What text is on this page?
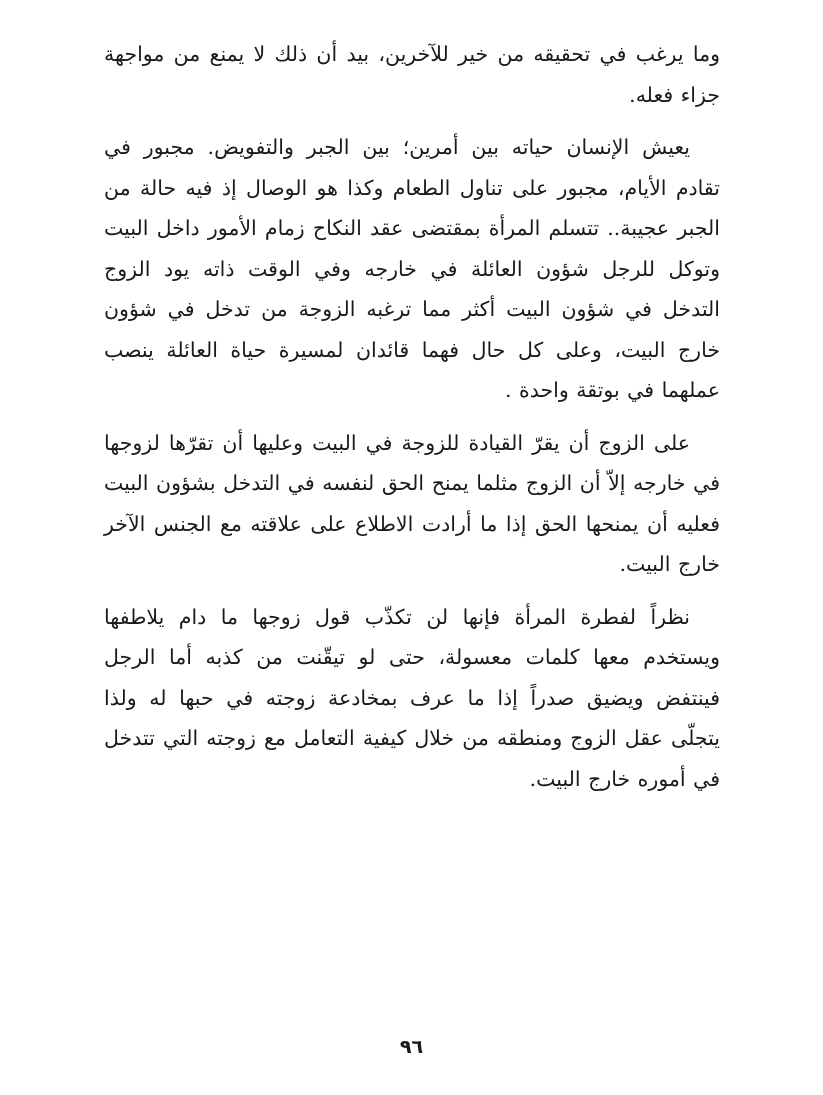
وما يرغب في تحقيقه من خير للآخرين، بيد أن ذلك لا يمنع من مواجهة جزاء فعله.

يعيش الإنسان حياته بين أمرين؛ بين الجبر والتفويض. مجبور في تقادم الأيام، مجبور على تناول الطعام وكذا هو الوصال إذ فيه حالة من الجبر عجيبة.. تتسلم المرأة بمقتضى عقد النكاح زمام الأمور داخل البيت وتوكل للرجل شؤون العائلة في خارجه وفي الوقت ذاته يود الزوج التدخل في شؤون البيت أكثر مما ترغبه الزوجة من تدخل في شؤون خارج البيت، وعلى كل حال فهما قائدان لمسيرة حياة العائلة ينصب عملهما في بوتقة واحدة .

على الزوج أن يقرّ القيادة للزوجة في البيت وعليها أن تقرّها لزوجها في خارجه إلاّ أن الزوج مثلما يمنح الحق لنفسه في التدخل بشؤون البيت فعليه أن يمنحها الحق إذا ما أرادت الاطلاع على علاقته مع الجنس الآخر خارج البيت.

نظراً لفطرة المرأة فإنها لن تكذّب قول زوجها ما دام يلاطفها ويستخدم معها كلمات معسولة، حتى لو تيقّنت من كذبه أما الرجل فينتفض ويضيق صدراً إذا ما عرف بمخادعة زوجته في حبها له ولذا يتجلّى عقل الزوج ومنطقه من خلال كيفية التعامل مع زوجته التي تتدخل في أموره خارج البيت.

٩٦
